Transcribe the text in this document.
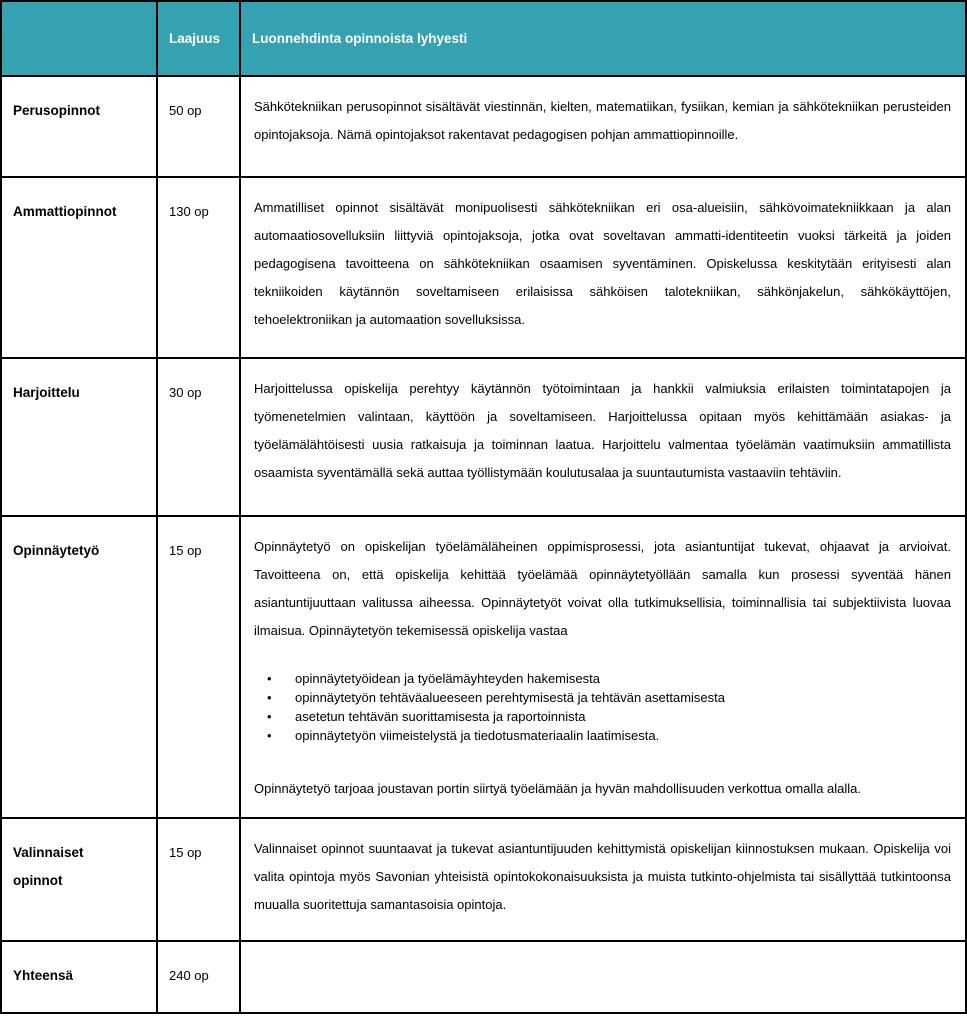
	Laajuus	Luonnehdinta opinnoista lyhyesti
Perusopinnot	50 op	Sähkötekniikan perusopinnot sisältävät viestinnän, kielten, matematiikan, fysiikan, kemian ja sähkötekniikan perusteiden opintojaksoja. Nämä opintojaksot rakentavat pedagogisen pohjan ammattiopinnoille.

Ammattiopinnot	130 op	Ammatilliset opinnot sisältävät monipuolisesti sähkötekniikan eri osa-alueisiin, sähkövoimatekniikkaan ja alan automaatiosovelluksiin liittyviä opintojaksoja, jotka ovat soveltavan ammatti-identiteetin vuoksi tärkeitä ja joiden pedagogisena tavoitteena on sähkötekniikan osaamisen syventäminen. Opiskelussa keskitytään erityisesti alan tekniikoiden käytännön soveltamiseen erilaisissa sähköisen talotekniikan, sähkönjakelun, sähkökäyttöjen, tehoelektroniikan ja automaation sovelluksissa.

Harjoittelu	30 op	Harjoittelussa opiskelija perehtyy käytännön työtoimintaan ja hankkii valmiuksia erilaisten toimintatapojen ja työmenetelmien valintaan, käyttöön ja soveltamiseen. Harjoittelussa opitaan myös kehittämään asiakas- ja työelämälähtöisesti uusia ratkaisuja ja toiminnan laatua. Harjoittelu valmentaa työelämän vaatimuksiin ammatillista osaamista syventämällä sekä auttaa työllistymään koulutusalaa ja suuntautumista vastaaviin tehtäviin.

Opinnäytetyö	15 op	Opinnäytetyö on opiskelijan työelämäläheinen oppimisprosessi, jota asiantuntijat tukevat, ohjaavat ja arvioivat. Tavoitteena on, että opiskelija kehittää työelämää opinnäytetyöllään samalla kun prosessi syventää hänen asiantuntijuuttaan valitussa aiheessa. Opinnäytetyöt voivat olla tutkimuksellisia, toiminnallisia tai subjektiivista luovaa ilmaisua. Opinnäytetyön tekemisessä opiskelija vastaa

• opinnäytetyöidean ja työelämäyhteyden hakemisesta
• opinnäytetyön tehtäväalueeseen perehtymisestä ja tehtävän asettamisesta
• asetetun tehtävän suorittamisesta ja raportoinnista
• opinnäytetyön viimeistelystä ja tiedotusmateriaalin laatimisesta.

Opinnäytetyö tarjoaa joustavan portin siirtyä työelämään ja hyvän mahdollisuuden verkottua omalla alalla.

Valinnaiset opinnot	15 op	Valinnaiset opinnot suuntaavat ja tukevat asiantuntijuuden kehittymistä opiskelijan kiinnostuksen mukaan. Opiskelija voi valita opintoja myös Savonian yhteisistä opintokokonaisuuksista ja muista tutkinto-ohjelmista tai sisällyttää tutkintoonsa muualla suoritettuja samantasoisia opintoja.

Yhteensä	240 op	
